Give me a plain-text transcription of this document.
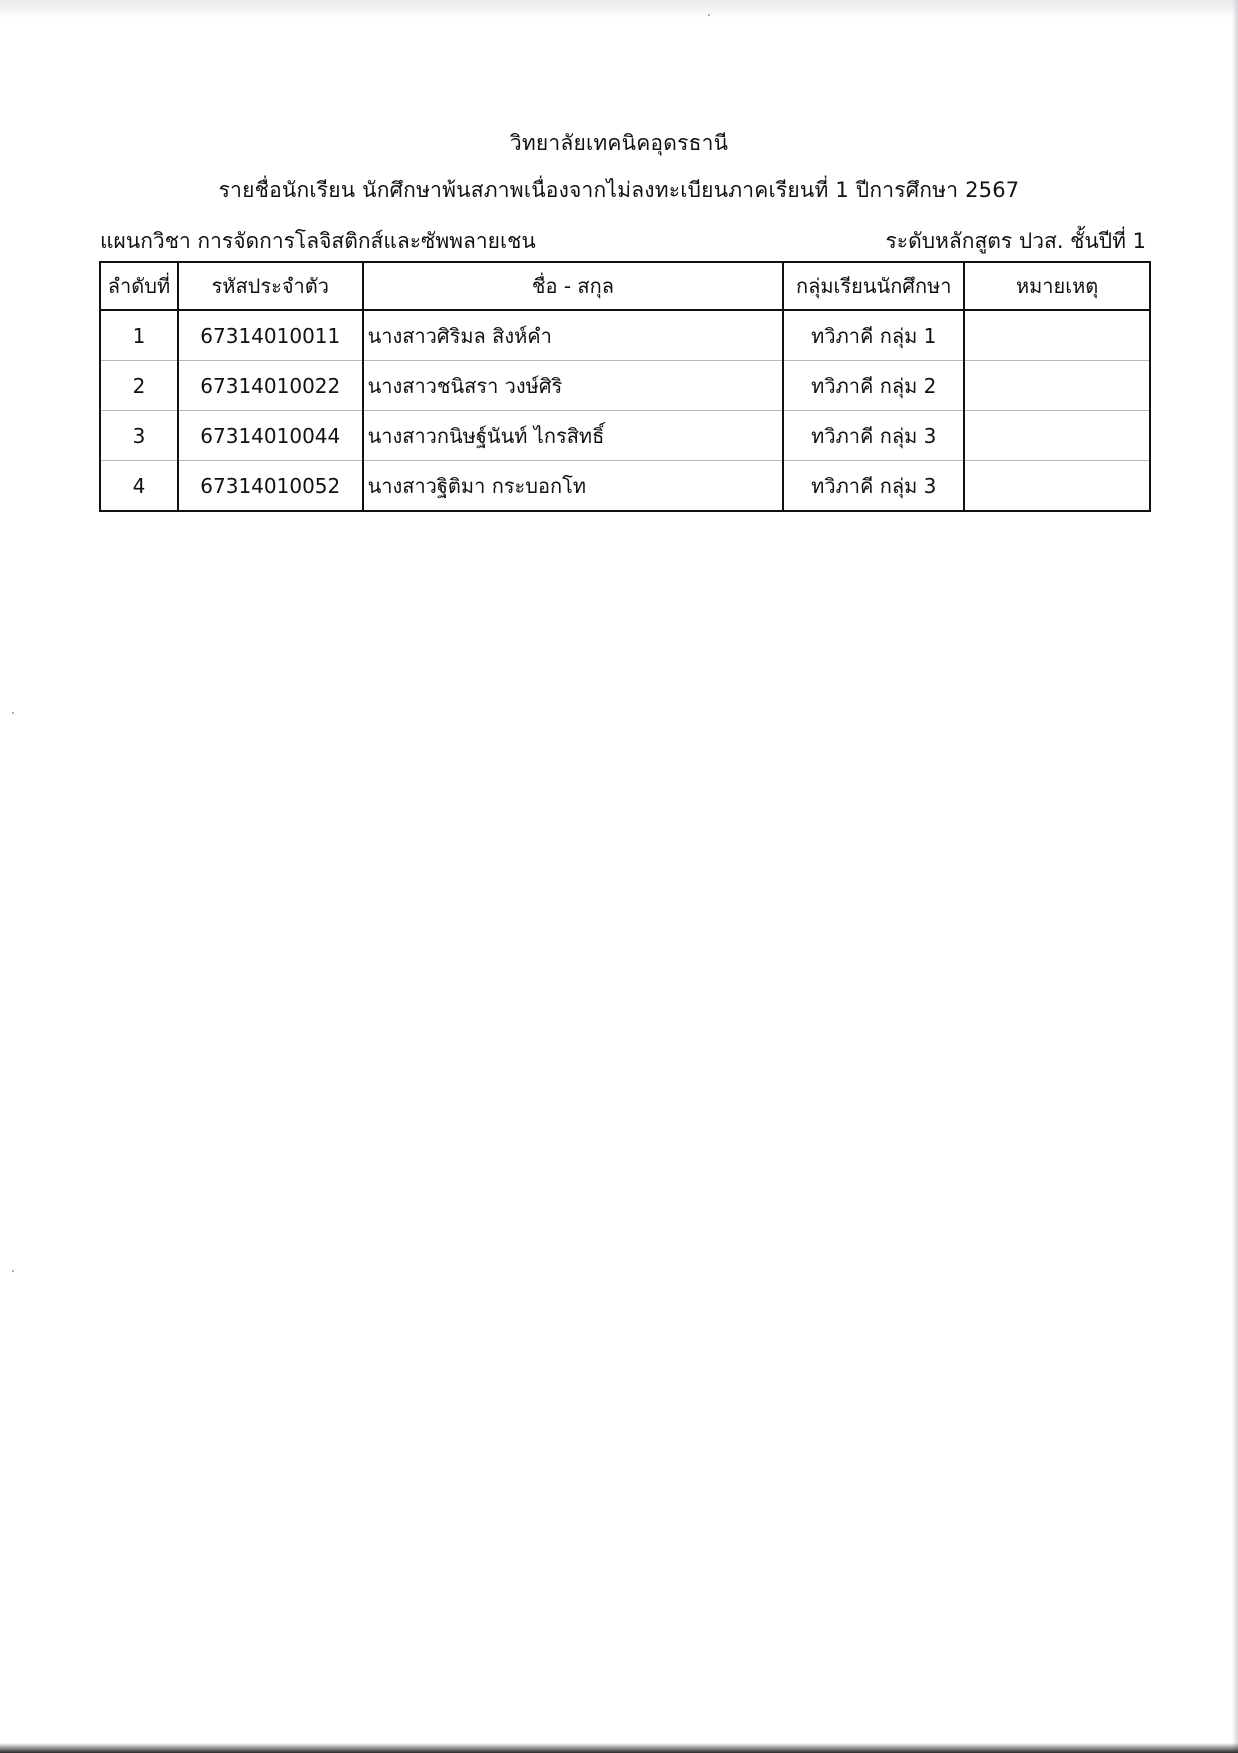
วิทยาลัยเทคนิคอุดรธานี
รายชื่อนักเรียน นักศึกษาพ้นสภาพเนื่องจากไม่ลงทะเบียนภาคเรียนที่ 1 ปีการศึกษา 2567
แผนกวิชา การจัดการโลจิสติกส์และซัพพลายเชน	ระดับหลักสูตร ปวส. ชั้นปีที่ 1
ลำดับที่	รหัสประจำตัว	ชื่อ - สกุล	กลุ่มเรียนนักศึกษา	หมายเหตุ
1	67314010011	นางสาวศิริมล สิงห์คำ	ทวิภาคี กลุ่ม 1	
2	67314010022	นางสาวชนิสรา วงษ์ศิริ	ทวิภาคี กลุ่ม 2	
3	67314010044	นางสาวกนิษฐ์นันท์ ไกรสิทธิ์	ทวิภาคี กลุ่ม 3	
4	67314010052	นางสาวฐิติมา กระบอกโท	ทวิภาคี กลุ่ม 3	
